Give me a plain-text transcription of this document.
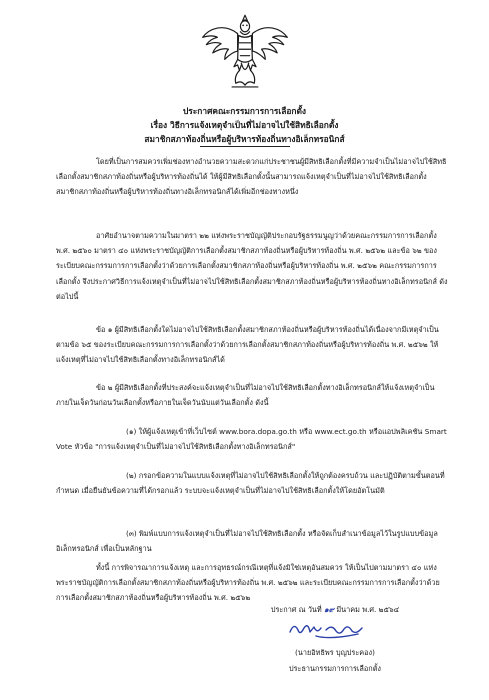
ประกาศคณะกรรมการการเลือกตั้ง
เรื่อง วิธีการแจ้งเหตุจำเป็นที่ไม่อาจไปใช้สิทธิเลือกตั้ง
สมาชิกสภาท้องถิ่นหรือผู้บริหารท้องถิ่นทางอิเล็กทรอนิกส์

โดยที่เป็นการสมควรเพิ่มช่องทางอำนวยความสะดวกแก่ประชาชนผู้มีสิทธิเลือกตั้งที่มีความจำเป็นไม่อาจไปใช้สิทธิเลือกตั้งสมาชิกสภาท้องถิ่นหรือผู้บริหารท้องถิ่นได้ ให้ผู้มีสิทธิเลือกตั้งนั้นสามารถแจ้งเหตุจำเป็นที่ไม่อาจไปใช้สิทธิเลือกตั้งสมาชิกสภาท้องถิ่นหรือผู้บริหารท้องถิ่นทางอิเล็กทรอนิกส์ได้เพิ่มอีกช่องทางหนึ่ง

อาศัยอำนาจตามความในมาตรา ๒๒ แห่งพระราชบัญญัติประกอบรัฐธรรมนูญว่าด้วยคณะกรรมการการเลือกตั้ง พ.ศ. ๒๕๖๐ มาตรา ๔๐ แห่งพระราชบัญญัติการเลือกตั้งสมาชิกสภาท้องถิ่นหรือผู้บริหารท้องถิ่น พ.ศ. ๒๕๖๒ และข้อ ๖๒ ของระเบียบคณะกรรมการการเลือกตั้งว่าด้วยการเลือกตั้งสมาชิกสภาท้องถิ่นหรือผู้บริหารท้องถิ่น พ.ศ. ๒๕๖๒ คณะกรรมการการเลือกตั้ง จึงประกาศวิธีการแจ้งเหตุจำเป็นที่ไม่อาจไปใช้สิทธิเลือกตั้งสมาชิกสภาท้องถิ่นหรือผู้บริหารท้องถิ่นทางอิเล็กทรอนิกส์ ดังต่อไปนี้

ข้อ ๑ ผู้มีสิทธิเลือกตั้งใดไม่อาจไปใช้สิทธิเลือกตั้งสมาชิกสภาท้องถิ่นหรือผู้บริหารท้องถิ่นได้เนื่องจากมีเหตุจำเป็นตามข้อ ๖๕ ของระเบียบคณะกรรมการการเลือกตั้งว่าด้วยการเลือกตั้งสมาชิกสภาท้องถิ่นหรือผู้บริหารท้องถิ่น พ.ศ. ๒๕๖๒ ให้แจ้งเหตุที่ไม่อาจไปใช้สิทธิเลือกตั้งทางอิเล็กทรอนิกส์ได้

ข้อ ๒ ผู้มีสิทธิเลือกตั้งที่ประสงค์จะแจ้งเหตุจำเป็นที่ไม่อาจไปใช้สิทธิเลือกตั้งทางอิเล็กทรอนิกส์ให้แจ้งเหตุจำเป็นภายในเจ็ดวันก่อนวันเลือกตั้งหรือภายในเจ็ดวันนับแต่วันเลือกตั้ง ดังนี้

(๑) ให้ผู้แจ้งเหตุเข้าที่เว็บไซต์ www.bora.dopa.go.th หรือ www.ect.go.th หรือแอปพลิเคชัน Smart Vote หัวข้อ "การแจ้งเหตุจำเป็นที่ไม่อาจไปใช้สิทธิเลือกตั้งทางอิเล็กทรอนิกส์"

(๒) กรอกข้อความในแบบแจ้งเหตุที่ไม่อาจไปใช้สิทธิเลือกตั้งให้ถูกต้องครบถ้วน และปฏิบัติตามขั้นตอนที่กำหนด เมื่อยืนยันข้อความที่ได้กรอกแล้ว ระบบจะแจ้งเหตุจำเป็นที่ไม่อาจไปใช้สิทธิเลือกตั้งให้โดยอัตโนมัติ

(๓) พิมพ์แบบการแจ้งเหตุจำเป็นที่ไม่อาจไปใช้สิทธิเลือกตั้ง หรือจัดเก็บสำเนาข้อมูลไว้ในรูปแบบข้อมูลอิเล็กทรอนิกส์ เพื่อเป็นหลักฐาน

ทั้งนี้ การพิจารณาการแจ้งเหตุ และการอุทธรณ์กรณีเหตุที่แจ้งมิใช่เหตุอันสมควร ให้เป็นไปตามมาตรา ๔๐ แห่งพระราชบัญญัติการเลือกตั้งสมาชิกสภาท้องถิ่นหรือผู้บริหารท้องถิ่น พ.ศ. ๒๕๖๒ และระเบียบคณะกรรมการการเลือกตั้งว่าด้วยการเลือกตั้งสมาชิกสภาท้องถิ่นหรือผู้บริหารท้องถิ่น พ.ศ. ๒๕๖๒

ประกาศ ณ วันที่ ๑๙ มีนาคม พ.ศ. ๒๕๖๔
(นายอิทธิพร บุญประคอง)
ประธานกรรมการการเลือกตั้ง
